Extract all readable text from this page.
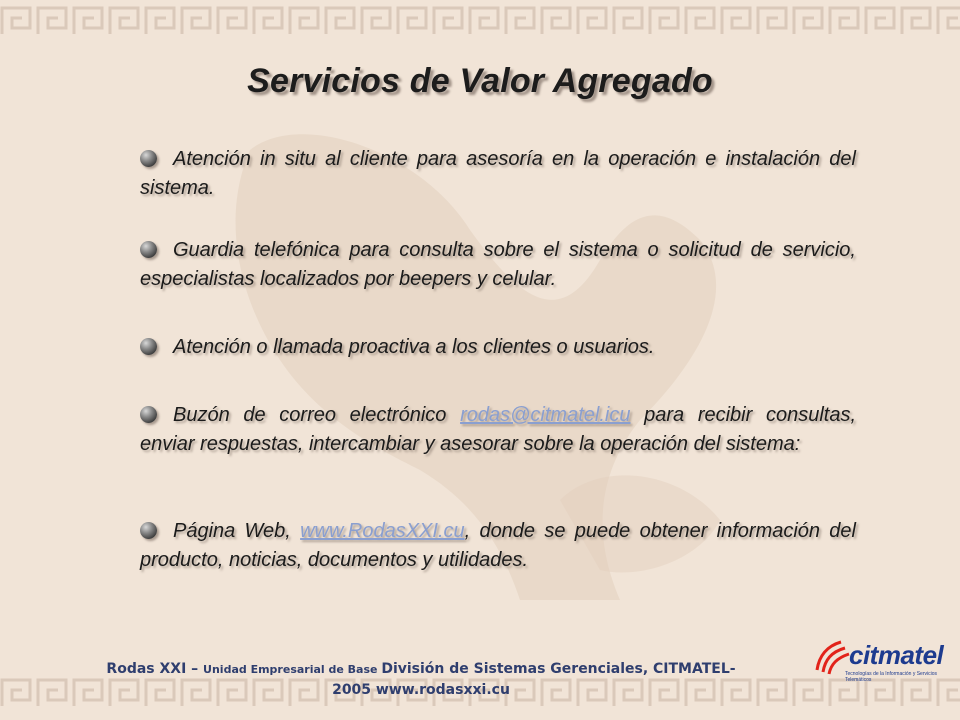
Servicios de Valor Agregado
Atención in situ al cliente para asesoría en la operación e instalación del sistema.
Guardia telefónica para consulta sobre el sistema o solicitud de servicio, especialistas localizados por beepers y celular.
Atención o llamada proactiva a los clientes o usuarios.
Buzón de correo electrónico rodas@citmatel.icu para recibir consultas, enviar respuestas, intercambiar y asesorar sobre la operación del sistema:
Página Web, www.RodasXXI.cu, donde se puede obtener información del producto, noticias, documentos y utilidades.
Rodas XXI – Unidad Empresarial de Base División de Sistemas Gerenciales, CITMATEL-
2005 www.rodasxxi.cu
citmatel
Tecnologías de la Información y Servicios Telemáticos
